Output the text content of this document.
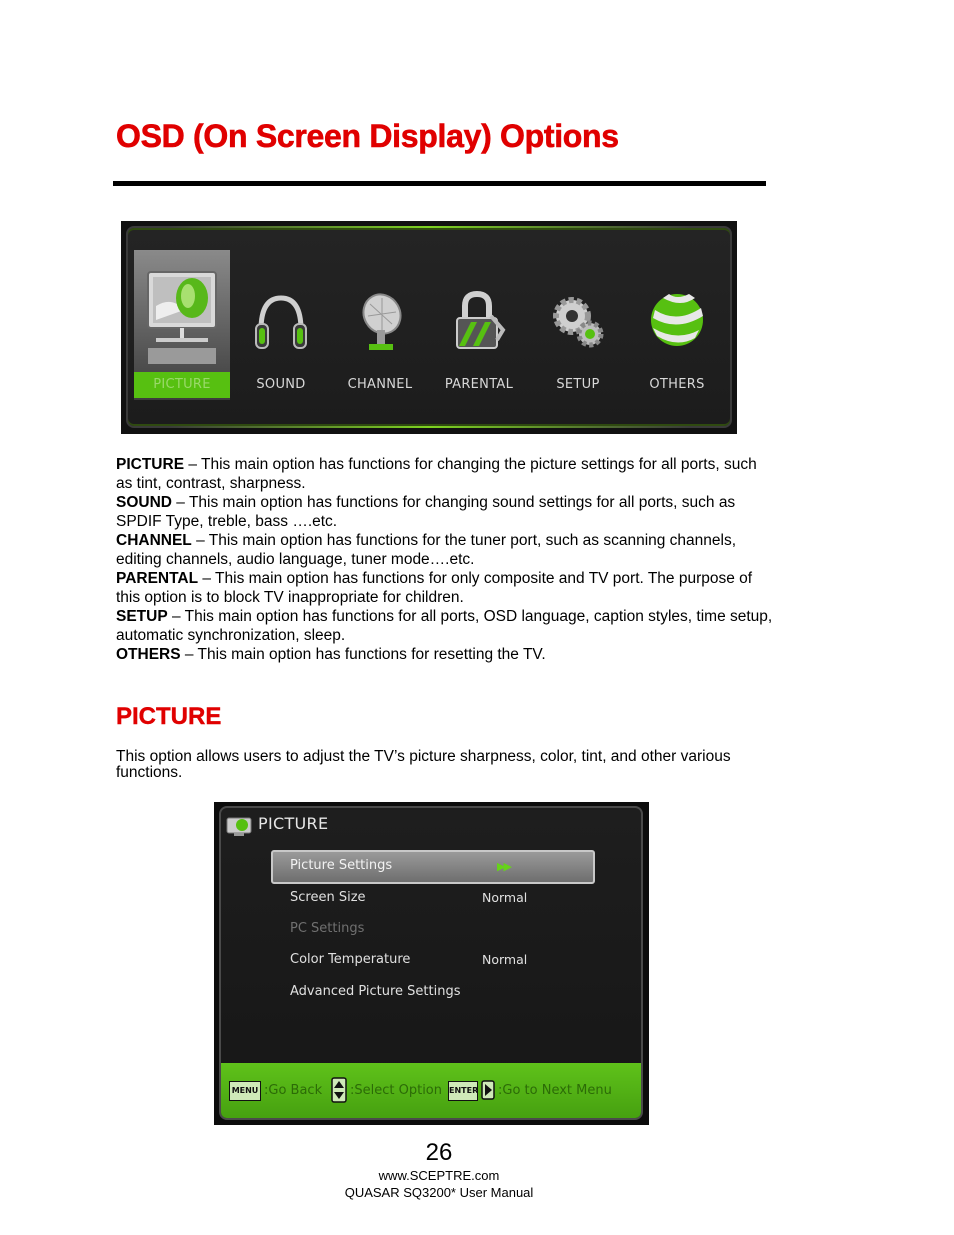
OSD (On Screen Display) Options
PICTURE	SOUND	CHANNEL	PARENTAL	SETUP	OTHERS

PICTURE – This main option has functions for changing the picture settings for all ports, such as tint, contrast, sharpness.

SOUND – This main option has functions for changing sound settings for all ports, such as SPDIF Type, treble, bass ….etc.

CHANNEL – This main option has functions for the tuner port, such as scanning channels, editing channels, audio language, tuner mode….etc.

PARENTAL – This main option has functions for only composite and TV port. The purpose of this option is to block TV inappropriate for children.

SETUP – This main option has functions for all ports, OSD language, caption styles, time setup, automatic synchronization, sleep.

OTHERS – This main option has functions for resetting the TV.

PICTURE
This option allows users to adjust the TV’s picture sharpness, color, tint, and other various functions.
PICTURE
Picture Settings	▶▶
Screen Size	Normal
PC Settings
Color Temperature	Normal
Advanced Picture Settings
MENU :Go Back :Select Option ENTER :Go to Next Menu
26
www.SCEPTRE.com
QUASAR SQ3200* User Manual
